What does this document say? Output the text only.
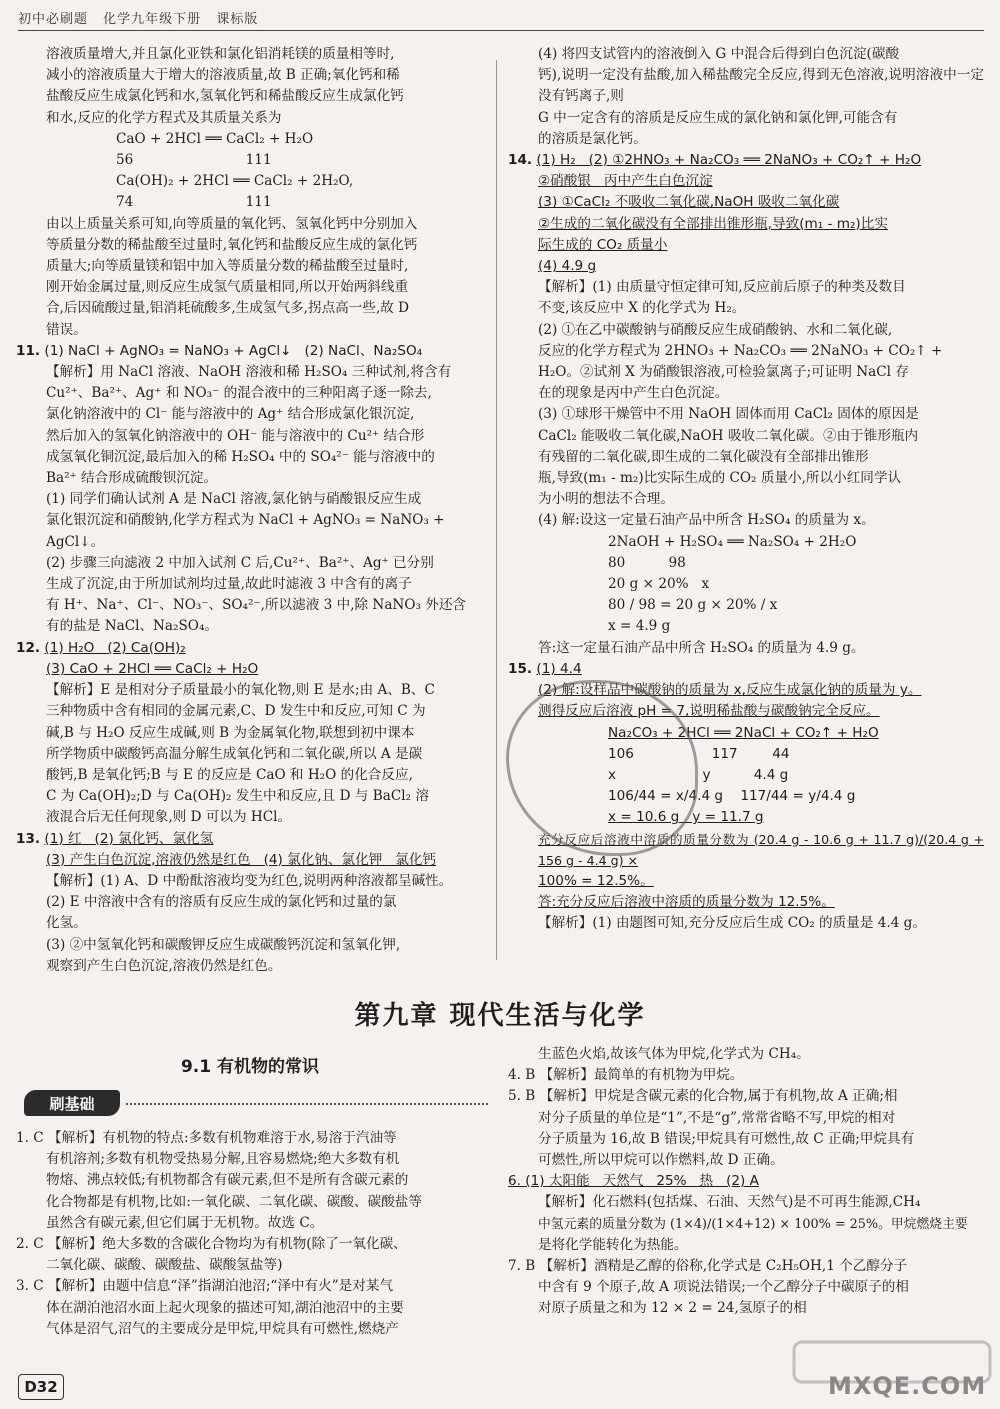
初中必刷题 化学九年级下册 课标版

溶液质量增大,并且氯化亚铁和氯化铝消耗镁的质量相等时,

减小的溶液质量大于增大的溶液质量,故 B 正确;氧化钙和稀

盐酸反应生成氯化钙和水,氢氧化钙和稀盐酸反应生成氯化钙

和水,反应的化学方程式及其质量关系为

CaO + 2HCl ══ CaCl₂ + H₂O

56                          111

Ca(OH)₂ + 2HCl ══ CaCl₂ + 2H₂O,

74                          111

由以上质量关系可知,向等质量的氧化钙、氢氧化钙中分别加入

等质量分数的稀盐酸至过量时,氧化钙和盐酸反应生成的氯化钙

质量大;向等质量镁和铝中加入等质量分数的稀盐酸至过量时,

刚开始金属过量,则反应生成氢气质量相同,所以开始两斜线重

合,后因硫酸过量,铝消耗硫酸多,生成氢气多,拐点高一些,故 D

错误。

11. (1) NaCl + AgNO₃ = NaNO₃ + AgCl↓   (2) NaCl、Na₂SO₄

【解析】用 NaCl 溶液、NaOH 溶液和稀 H₂SO₄ 三种试剂,将含有

Cu²⁺、Ba²⁺、Ag⁺ 和 NO₃⁻ 的混合液中的三种阳离子逐一除去,

氯化钠溶液中的 Cl⁻ 能与溶液中的 Ag⁺ 结合形成氯化银沉淀,

然后加入的氢氧化钠溶液中的 OH⁻ 能与溶液中的 Cu²⁺ 结合形

成氢氧化铜沉淀,最后加入的稀 H₂SO₄ 中的 SO₄²⁻ 能与溶液中的

Ba²⁺ 结合形成硫酸钡沉淀。

(1) 同学们确认试剂 A 是 NaCl 溶液,氯化钠与硝酸银反应生成

氯化银沉淀和硝酸钠,化学方程式为 NaCl + AgNO₃ = NaNO₃ +

AgCl↓。

(2) 步骤三向滤液 2 中加入试剂 C 后,Cu²⁺、Ba²⁺、Ag⁺ 已分别

生成了沉淀,由于所加试剂均过量,故此时滤液 3 中含有的离子

有 H⁺、Na⁺、Cl⁻、NO₃⁻、SO₄²⁻,所以滤液 3 中,除 NaNO₃ 外还含

有的盐是 NaCl、Na₂SO₄。

12. (1) H₂O   (2) Ca(OH)₂

(3) CaO + 2HCl ══ CaCl₂ + H₂O

【解析】E 是相对分子质量最小的氧化物,则 E 是水;由 A、B、C

三种物质中含有相同的金属元素,C、D 发生中和反应,可知 C 为

碱,B 与 H₂O 反应生成碱,则 B 为金属氧化物,联想到初中课本

所学物质中碳酸钙高温分解生成氧化钙和二氧化碳,所以 A 是碳

酸钙,B 是氧化钙;B 与 E 的反应是 CaO 和 H₂O 的化合反应,

C 为 Ca(OH)₂;D 与 Ca(OH)₂ 发生中和反应,且 D 与 BaCl₂ 溶

液混合后无任何现象,则 D 可以为 HCl。

13. (1) 红   (2) 氯化钙、氯化氢

(3) 产生白色沉淀,溶液仍然是红色   (4) 氯化钠、氯化钾   氯化钙

【解析】(1) A、D 中酚酞溶液均变为红色,说明两种溶液都呈碱性。

(2) E 中溶液中含有的溶质有反应生成的氯化钙和过量的氯

化氢。

(3) ②中氢氧化钙和碳酸钾反应生成碳酸钙沉淀和氢氧化钾,

观察到产生白色沉淀,溶液仍然是红色。

(4) 将四支试管内的溶液倒入 G 中混合后得到白色沉淀(碳酸

钙),说明一定没有盐酸,加入稀盐酸完全反应,得到无色溶液,说明溶液中一定没有钙离子,则

G 中一定含有的溶质是反应生成的氯化钠和氯化钾,可能含有

的溶质是氯化钙。

14. (1) H₂   (2) ①2HNO₃ + Na₂CO₃ ══ 2NaNO₃ + CO₂↑ + H₂O

②硝酸银   丙中产生白色沉淀

(3) ①CaCl₂ 不吸收二氧化碳,NaOH 吸收二氧化碳

②生成的二氧化碳没有全部排出锥形瓶,导致(m₁ - m₂)比实

际生成的 CO₂ 质量小

(4) 4.9 g

【解析】(1) 由质量守恒定律可知,反应前后原子的种类及数目

不变,该反应中 X 的化学式为 H₂。

(2) ①在乙中碳酸钠与硝酸反应生成硝酸钠、水和二氧化碳,

反应的化学方程式为 2HNO₃ + Na₂CO₃ ══ 2NaNO₃ + CO₂↑ +

H₂O。②试剂 X 为硝酸银溶液,可检验氯离子;可证明 NaCl 存

在的现象是丙中产生白色沉淀。

(3) ①球形干燥管中不用 NaOH 固体而用 CaCl₂ 固体的原因是

CaCl₂ 能吸收二氧化碳,NaOH 吸收二氧化碳。②由于锥形瓶内

有残留的二氧化碳,即生成的二氧化碳没有全部排出锥形

瓶,导致(m₁ - m₂)比实际生成的 CO₂ 质量小,所以小红同学认

为小明的想法不合理。

(4) 解:设这一定量石油产品中所含 H₂SO₄ 的质量为 x。

2NaOH + H₂SO₄ ══ Na₂SO₄ + 2H₂O

80          98

20 g × 20%   x

80 / 98 = 20 g × 20% / x

x = 4.9 g

答:这一定量石油产品中所含 H₂SO₄ 的质量为 4.9 g。

15. (1) 4.4

(2) 解:设样品中碳酸钠的质量为 x,反应生成氯化钠的质量为 y。

测得反应后溶液 pH = 7,说明稀盐酸与碳酸钠完全反应。

Na₂CO₃ + 2HCl ══ 2NaCl + CO₂↑ + H₂O

106                  117        44

x                    y          4.4 g

106/44 = x/4.4 g    117/44 = y/4.4 g

x = 10.6 g   y = 11.7 g

充分反应后溶液中溶质的质量分数为 (20.4 g - 10.6 g + 11.7 g)/(20.4 g + 156 g - 4.4 g) ×

100% = 12.5%。

答:充分反应后溶液中溶质的质量分数为 12.5%。

【解析】(1) 由题图可知,充分反应后生成 CO₂ 的质量是 4.4 g。

第九章 现代生活与化学
9.1 有机物的常识
刷基础

1. C 【解析】有机物的特点:多数有机物难溶于水,易溶于汽油等

有机溶剂;多数有机物受热易分解,且容易燃烧;绝大多数有机

物熔、沸点较低;有机物都含有碳元素,但不是所有含碳元素的

化合物都是有机物,比如:一氧化碳、二氧化碳、碳酸、碳酸盐等

虽然含有碳元素,但它们属于无机物。故选 C。

2. C 【解析】绝大多数的含碳化合物均为有机物(除了一氧化碳、

二氧化碳、碳酸、碳酸盐、碳酸氢盐等)

3. C 【解析】由题中信息“泽”指湖泊池沼;“泽中有火”是对某气

体在湖泊池沼水面上起火现象的描述可知,湖泊池沼中的主要

气体是沼气,沼气的主要成分是甲烷,甲烷具有可燃性,燃烧产

生蓝色火焰,故该气体为甲烷,化学式为 CH₄。

4. B 【解析】最简单的有机物为甲烷。

5. B 【解析】甲烷是含碳元素的化合物,属于有机物,故 A 正确;相

对分子质量的单位是“1”,不是“g”,常常省略不写,甲烷的相对

分子质量为 16,故 B 错误;甲烷具有可燃性,故 C 正确;甲烷具有

可燃性,所以甲烷可以作燃料,故 D 正确。

6. (1) 太阳能   天然气   25%   热   (2) A

【解析】化石燃料(包括煤、石油、天然气)是不可再生能源,CH₄

中氢元素的质量分数为 (1×4)/(1×4+12) × 100% = 25%。甲烷燃烧主要

是将化学能转化为热能。

7. B 【解析】酒精是乙醇的俗称,化学式是 C₂H₅OH,1 个乙醇分子

中含有 9 个原子,故 A 项说法错误;一个乙醇分子中碳原子的相

对原子质量之和为 12 × 2 = 24,氢原子的相

D32	MXQE.COM
